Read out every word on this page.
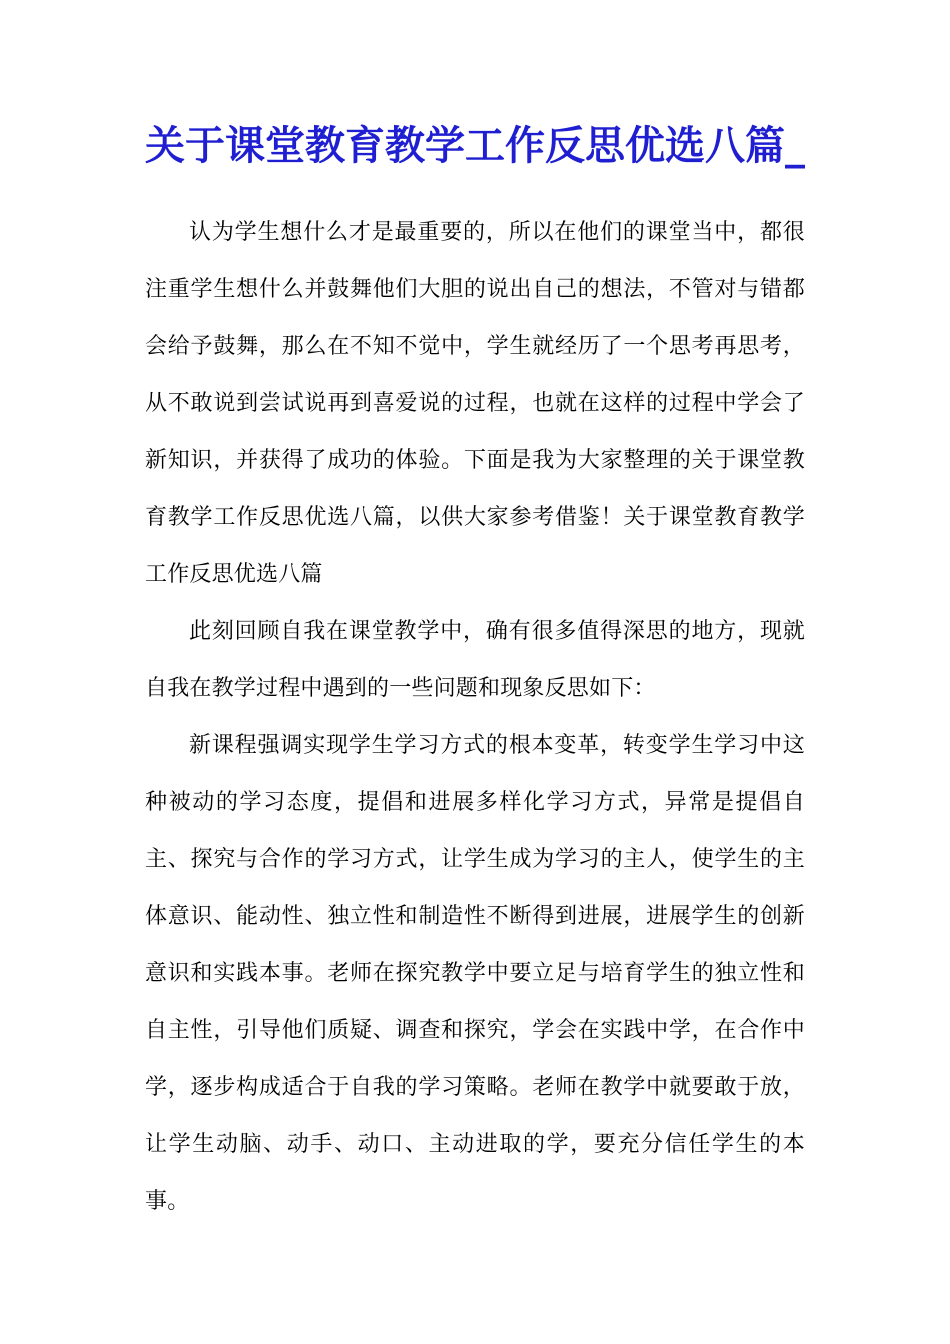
关于课堂教育教学工作反思优选八篇_

认为学生想什么才是最重要的，所以在他们的课堂当中，都很注重学生想什么并鼓舞他们大胆的说出自己的想法，不管对与错都会给予鼓舞，那么在不知不觉中，学生就经历了一个思考再思考，从不敢说到尝试说再到喜爱说的过程，也就在这样的过程中学会了新知识，并获得了成功的体验。下面是我为大家整理的关于课堂教育教学工作反思优选八篇，以供大家参考借鉴！关于课堂教育教学工作反思优选八篇

此刻回顾自我在课堂教学中，确有很多值得深思的地方，现就自我在教学过程中遇到的一些问题和现象反思如下：

新课程强调实现学生学习方式的根本变革，转变学生学习中这种被动的学习态度，提倡和进展多样化学习方式，异常是提倡自主、探究与合作的学习方式，让学生成为学习的主人，使学生的主体意识、能动性、独立性和制造性不断得到进展，进展学生的创新意识和实践本事。老师在探究教学中要立足与培育学生的独立性和自主性，引导他们质疑、调查和探究，学会在实践中学，在合作中学，逐步构成适合于自我的学习策略。老师在教学中就要敢于放，让学生动脑、动手、动口、主动进取的学，要充分信任学生的本事。
